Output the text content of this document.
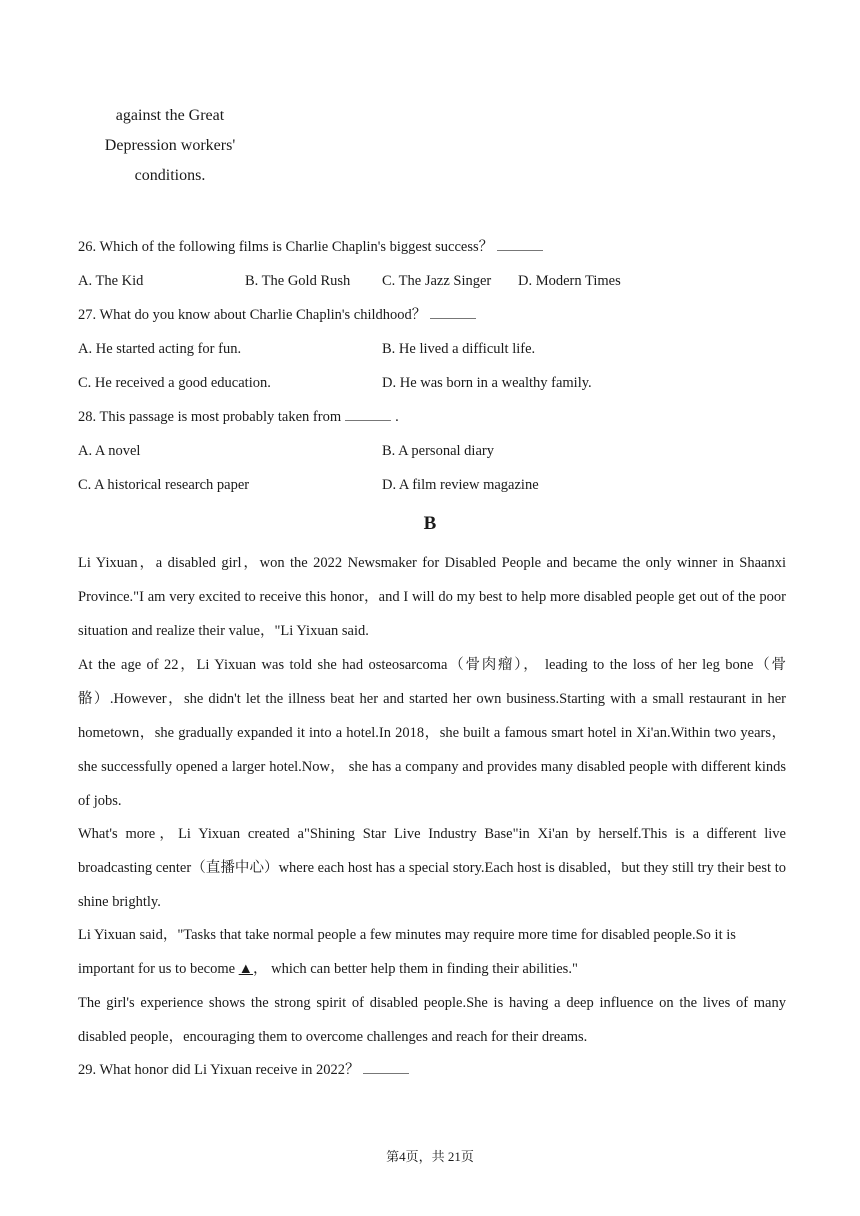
against the Great
Depression workers'
conditions.
26. Which of the following films is Charlie Chaplin's biggest success？
A. The Kid	B. The Gold Rush C. The Jazz Singer D. Modern Times
27. What do you know about Charlie Chaplin's childhood？
A. He started acting for fun.	B. He lived a difficult life.
C. He received a good education.	D. He was born in a wealthy family.
28. This passage is most probably taken from	.
A. A novel	B. A personal diary
C. A historical research paper	D. A film review magazine
B
Li Yixuan，a disabled girl，won the 2022 Newsmaker for Disabled People and became the only winner in Shaanxi Province."I am very excited to receive this honor，and I will do my best to help more disabled people get out of the poor situation and realize their value，"Li Yixuan said.
At the age of 22，Li Yixuan was told she had osteosarcoma（骨肉瘤）， leading to the loss of her leg bone（骨骼）.However，she didn't let the illness beat her and started her own business.Starting with a small restaurant in her hometown，she gradually expanded it into a hotel.In 2018，she built a famous smart hotel in Xi'an.Within two years，she successfully opened a larger hotel.Now， she has a company and provides many disabled people with different kinds of jobs.
What's more，Li Yixuan created a"Shining Star Live Industry Base"in Xi'an by herself.This is a different live broadcasting center（直播中心）where each host has a special story.Each host is disabled，but they still try their best to shine brightly.
Li Yixuan said，"Tasks that take normal people a few minutes may require more time for disabled people.So it is important for us to become ▲， which can better help them in finding their abilities."
The girl's experience shows the strong spirit of disabled people.She is having a deep influence on the lives of many disabled people，encouraging them to overcome challenges and reach for their dreams.
29. What honor did Li Yixuan receive in 2022？
第4页，共 21页
